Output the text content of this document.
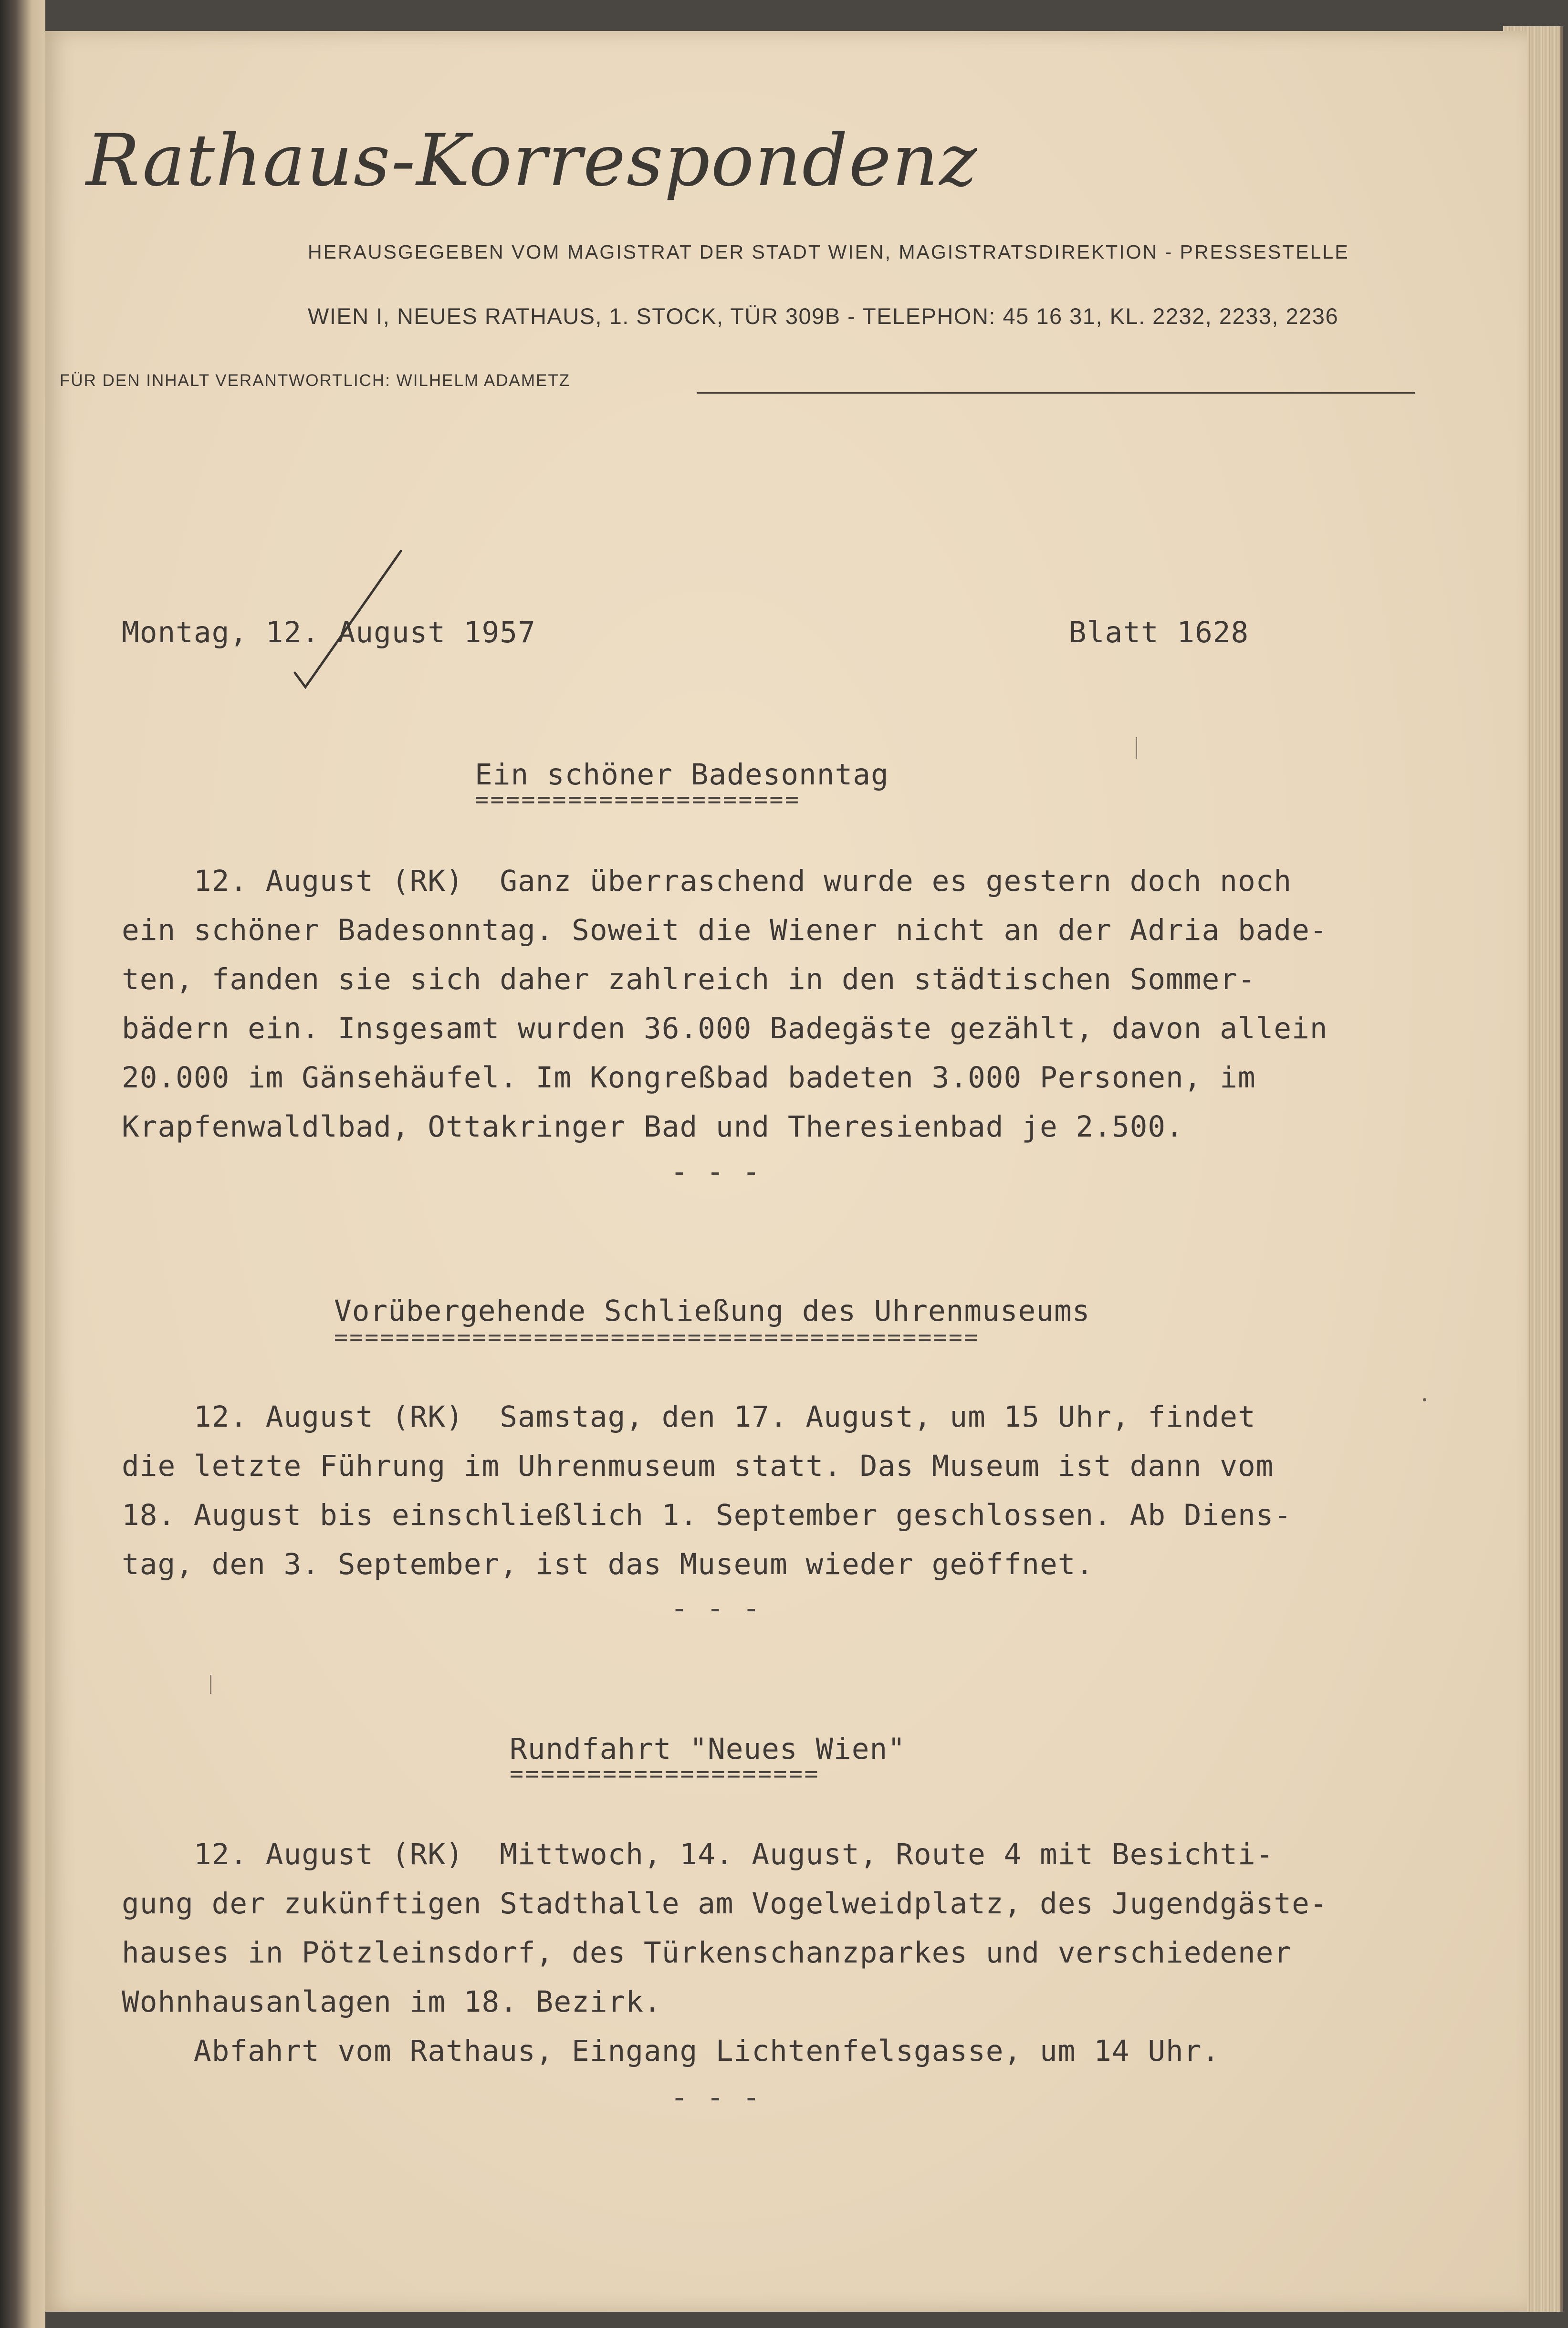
Rathaus-Korrespondenz
HERAUSGEGEBEN VOM MAGISTRAT DER STADT WIEN, MAGISTRATSDIREKTION - PRESSESTELLE
WIEN I, NEUES RATHAUS, 1. STOCK, TÜR 309B - TELEPHON: 45 16 31, KL. 2232, 2233, 2236
FÜR DEN INHALT VERANTWORTLICH: WILHELM ADAMETZ
Montag, 12. August 1957	Blatt 1628
Ein schöner Badesonntag
=====================
12. August (RK)  Ganz überraschend wurde es gestern doch noch
ein schöner Badesonntag. Soweit die Wiener nicht an der Adria bade-
ten, fanden sie sich daher zahlreich in den städtischen Sommer-
bädern ein. Insgesamt wurden 36.000 Badegäste gezählt, davon allein
20.000 im Gänsehäufel. Im Kongreßbad badeten 3.000 Personen, im
Krapfenwaldlbad, Ottakringer Bad und Theresienbad je 2.500.
- - -
Vorübergehende Schließung des Uhrenmuseums
==========================================
12. August (RK)  Samstag, den 17. August, um 15 Uhr, findet
die letzte Führung im Uhrenmuseum statt. Das Museum ist dann vom
18. August bis einschließlich 1. September geschlossen. Ab Diens-
tag, den 3. September, ist das Museum wieder geöffnet.
- - -
Rundfahrt "Neues Wien"
====================
12. August (RK)  Mittwoch, 14. August, Route 4 mit Besichti-
gung der zukünftigen Stadthalle am Vogelweidplatz, des Jugendgäste-
hauses in Pötzleinsdorf, des Türkenschanzparkes und verschiedener
Wohnhausanlagen im 18. Bezirk.
Abfahrt vom Rathaus, Eingang Lichtenfelsgasse, um 14 Uhr.
- - -
